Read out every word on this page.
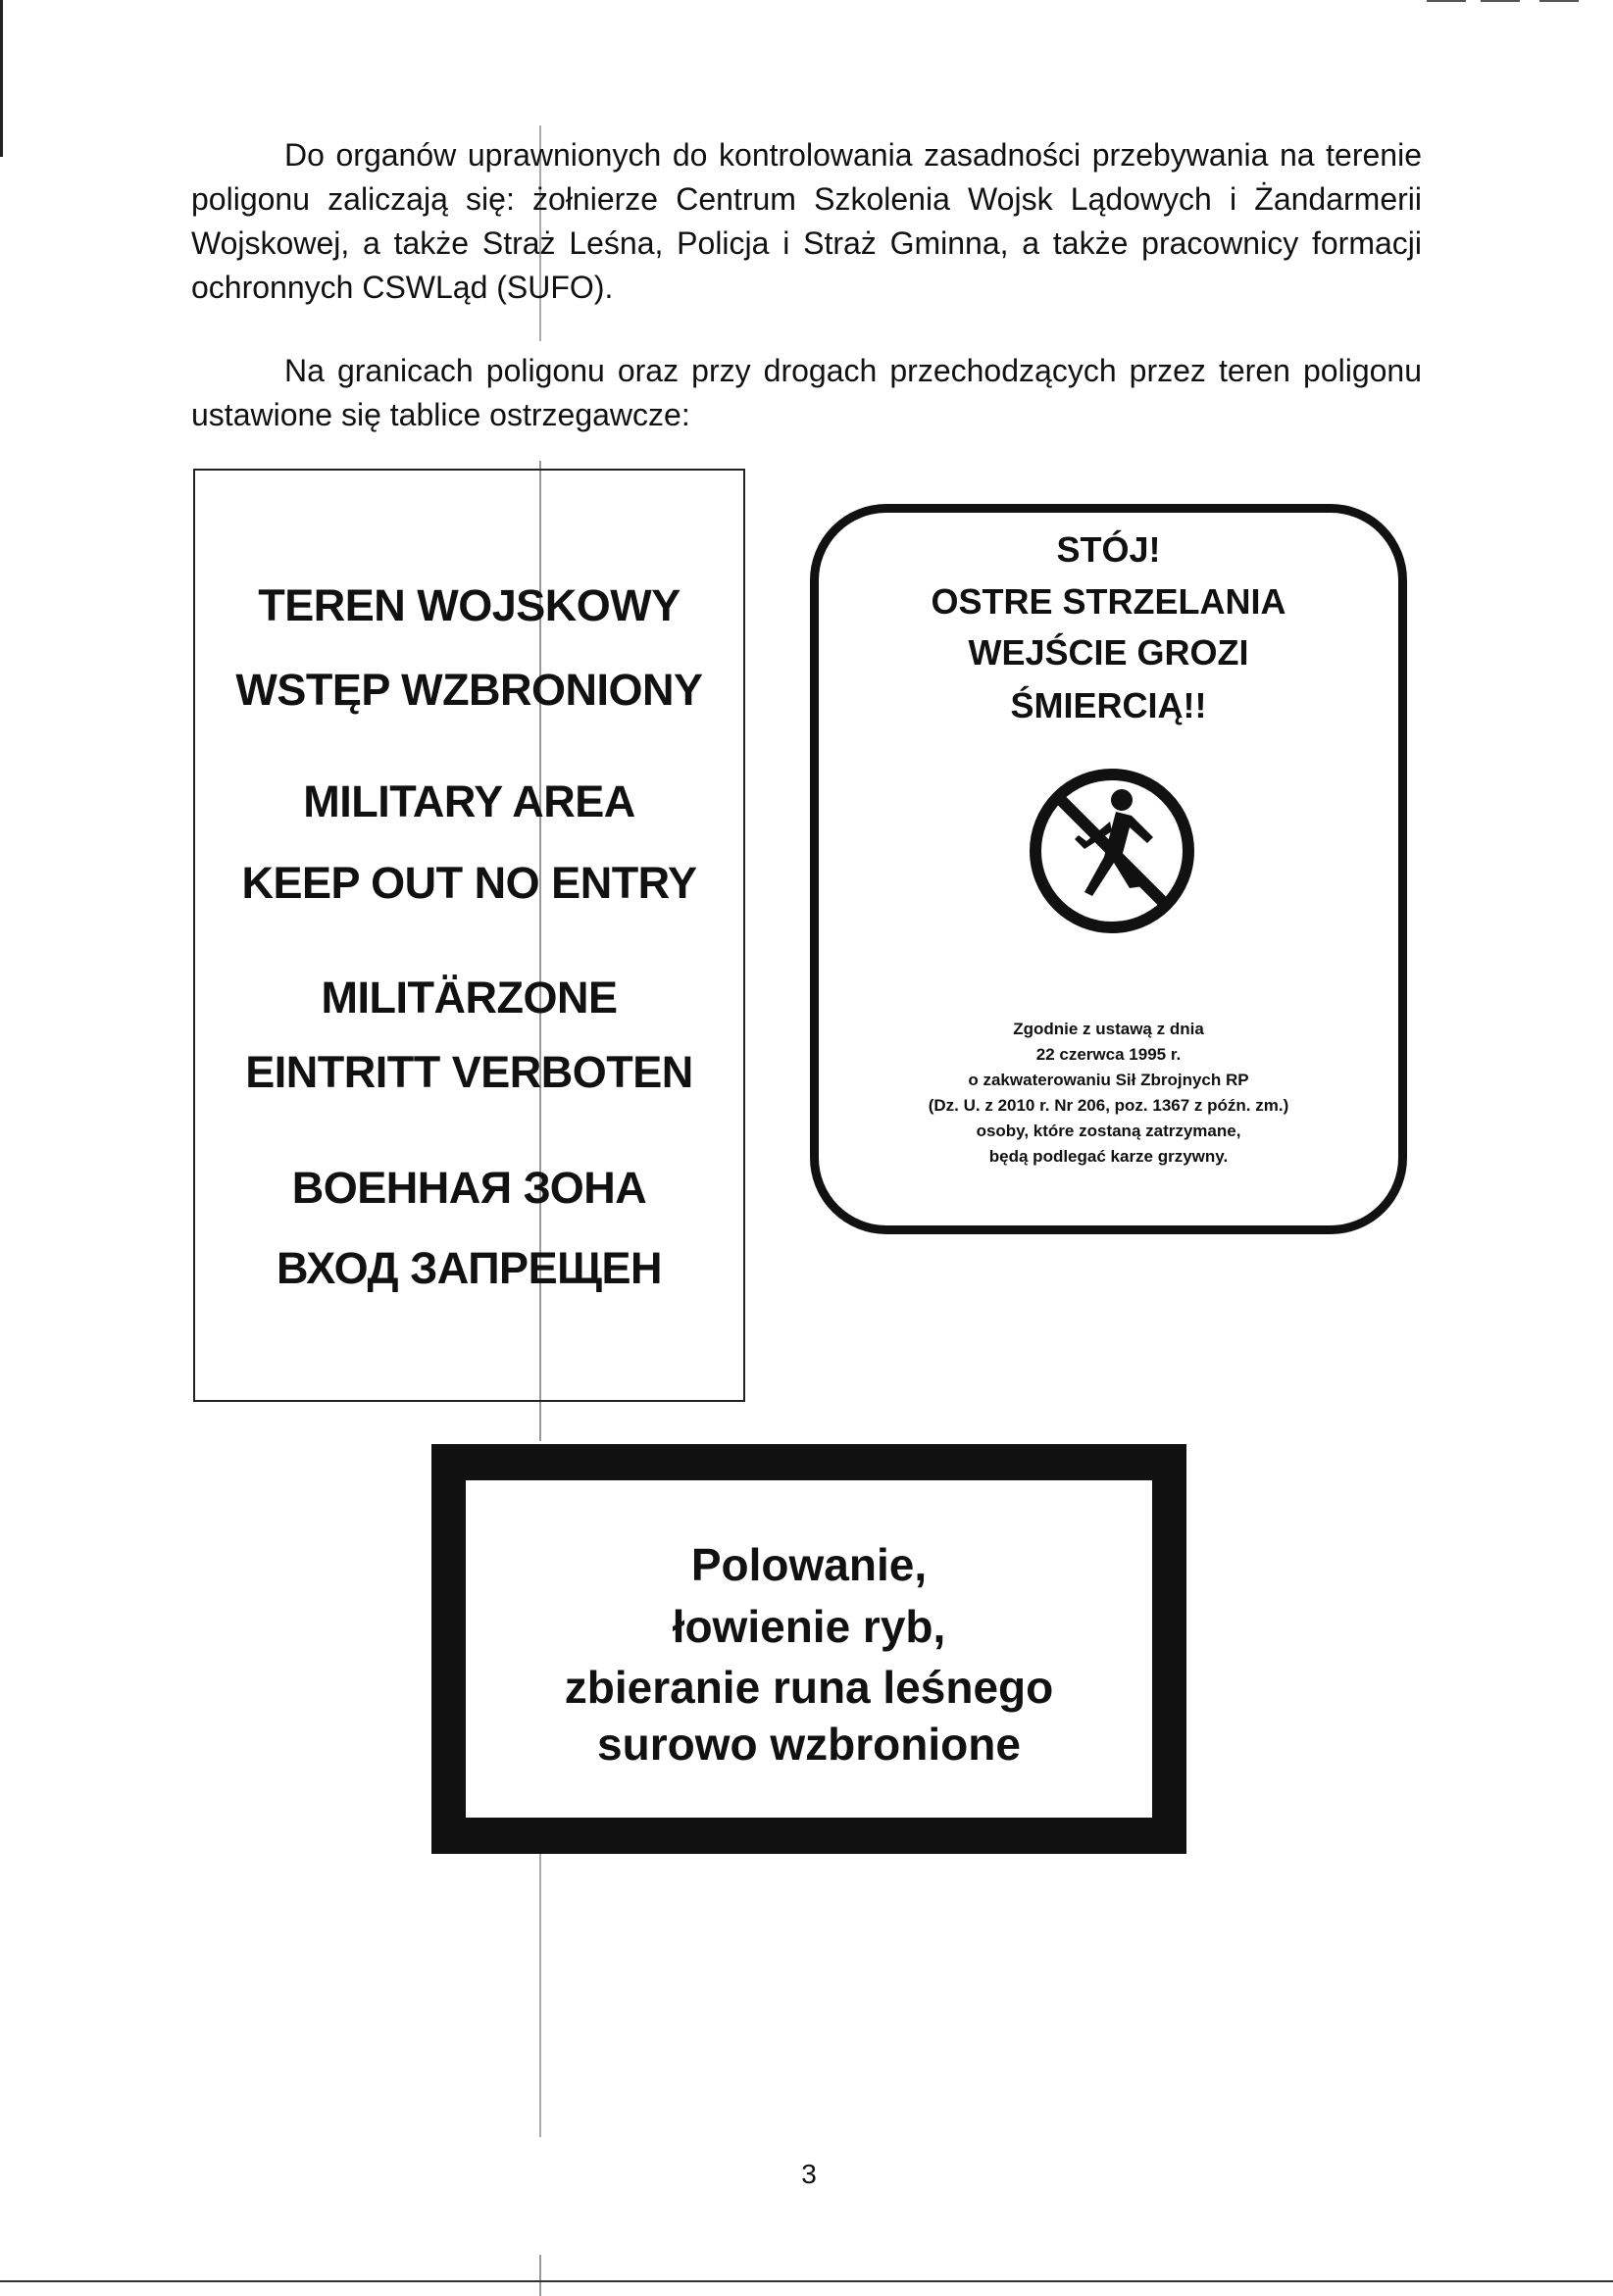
Do organów uprawnionych do kontrolowania zasadności przebywania na terenie poligonu zaliczają się: żołnierze Centrum Szkolenia Wojsk Lądowych i Żandarmerii Wojskowej, a także Straż Leśna, Policja i Straż Gminna, a także pracownicy formacji ochronnych CSWLąd (SUFO).

Na granicach poligonu oraz przy drogach przechodzących przez teren poligonu ustawione się tablice ostrzegawcze:

TEREN WOJSKOWY
WSTĘP WZBRONIONY
MILITARY AREA
KEEP OUT NO ENTRY
MILITÄRZONE
EINTRITT VERBOTEN
BOEHHAЯ ЗОНА
ВХОД ЗАПРЕЩЕН
STÓJ!
OSTRE STRZELANIA
WEJŚCIE GROZI
ŚMIERCIĄ!!
Zgodnie z ustawą z dnia
22 czerwca 1995 r.
o zakwaterowaniu Sił Zbrojnych RP
(Dz. U. z 2010 r. Nr 206, poz. 1367 z późn. zm.)
osoby, które zostaną zatrzymane,
będą podlegać karze grzywny.
Polowanie,
łowienie ryb,
zbieranie runa leśnego
surowo wzbronione
3
